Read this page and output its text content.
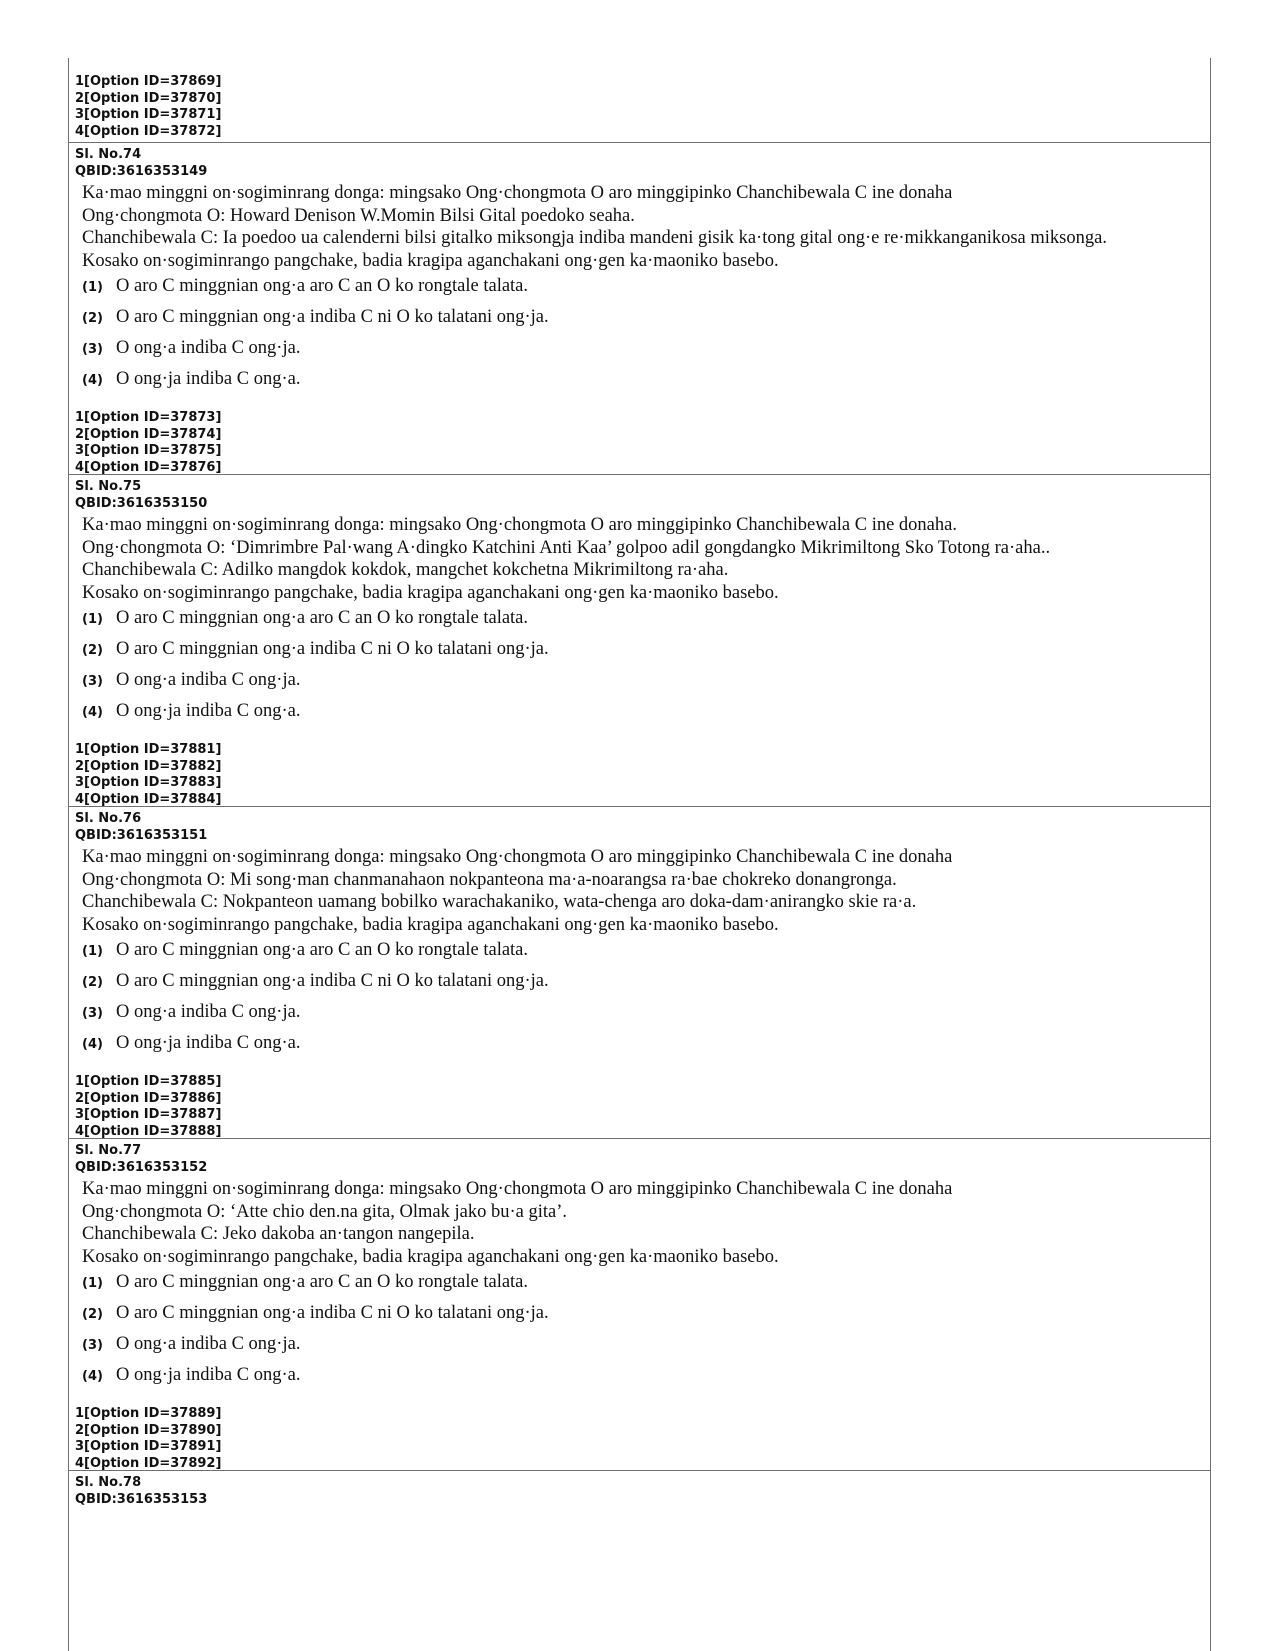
1[Option ID=37869]
2[Option ID=37870]
3[Option ID=37871]
4[Option ID=37872]
Sl. No.74
QBID:3616353149
Ka·mao minggni on·sogiminrang donga: mingsako Ong·chongmota O aro minggipinko Chanchibewala C ine donaha
Ong·chongmota O: Howard Denison W.Momin Bilsi Gital poedoko seaha.
Chanchibewala C: Ia poedoo ua calenderni bilsi gitalko miksongja indiba mandeni gisik ka·tong gital ong·e re·mikkanganikosa miksonga.
Kosako on·sogiminrango pangchake, badia kragipa aganchakani ong·gen ka·maoniko basebo.
(1) O aro C minggnian ong·a aro C an O ko rongtale talata.
(2) O aro C minggnian ong·a indiba C ni O ko talatani ong·ja.
(3) O ong·a indiba C ong·ja.
(4) O ong·ja indiba C ong·a.
1[Option ID=37873]
2[Option ID=37874]
3[Option ID=37875]
4[Option ID=37876]
Sl. No.75
QBID:3616353150
Ka·mao minggni on·sogiminrang donga: mingsako Ong·chongmota O aro minggipinko Chanchibewala C ine donaha.
Ong·chongmota O: ‘Dimrimbre Pal·wang A·dingko Katchini Anti Kaa’ golpoo adil gongdangko Mikrimiltong Sko Totong ra·aha..
Chanchibewala C: Adilko mangdok kokdok, mangchet kokchetna Mikrimiltong ra·aha.
Kosako on·sogiminrango pangchake, badia kragipa aganchakani ong·gen ka·maoniko basebo.
(1) O aro C minggnian ong·a aro C an O ko rongtale talata.
(2) O aro C minggnian ong·a indiba C ni O ko talatani ong·ja.
(3) O ong·a indiba C ong·ja.
(4) O ong·ja indiba C ong·a.
1[Option ID=37881]
2[Option ID=37882]
3[Option ID=37883]
4[Option ID=37884]
Sl. No.76
QBID:3616353151
Ka·mao minggni on·sogiminrang donga: mingsako Ong·chongmota O aro minggipinko Chanchibewala C ine donaha
Ong·chongmota O: Mi song·man chanmanahaon nokpanteona ma·a-noarangsa ra·bae chokreko donangronga.
Chanchibewala C: Nokpanteon uamang bobilko warachakaniko, wata-chenga aro doka-dam·anirangko skie ra·a.
Kosako on·sogiminrango pangchake, badia kragipa aganchakani ong·gen ka·maoniko basebo.
(1) O aro C minggnian ong·a aro C an O ko rongtale talata.
(2) O aro C minggnian ong·a indiba C ni O ko talatani ong·ja.
(3) O ong·a indiba C ong·ja.
(4) O ong·ja indiba C ong·a.
1[Option ID=37885]
2[Option ID=37886]
3[Option ID=37887]
4[Option ID=37888]
Sl. No.77
QBID:3616353152
Ka·mao minggni on·sogiminrang donga: mingsako Ong·chongmota O aro minggipinko Chanchibewala C ine donaha
Ong·chongmota O: ‘Atte chio den.na gita, Olmak jako bu·a gita’.
Chanchibewala C: Jeko dakoba an·tangon nangepila.
Kosako on·sogiminrango pangchake, badia kragipa aganchakani ong·gen ka·maoniko basebo.
(1) O aro C minggnian ong·a aro C an O ko rongtale talata.
(2) O aro C minggnian ong·a indiba C ni O ko talatani ong·ja.
(3) O ong·a indiba C ong·ja.
(4) O ong·ja indiba C ong·a.
1[Option ID=37889]
2[Option ID=37890]
3[Option ID=37891]
4[Option ID=37892]
Sl. No.78
QBID:3616353153
